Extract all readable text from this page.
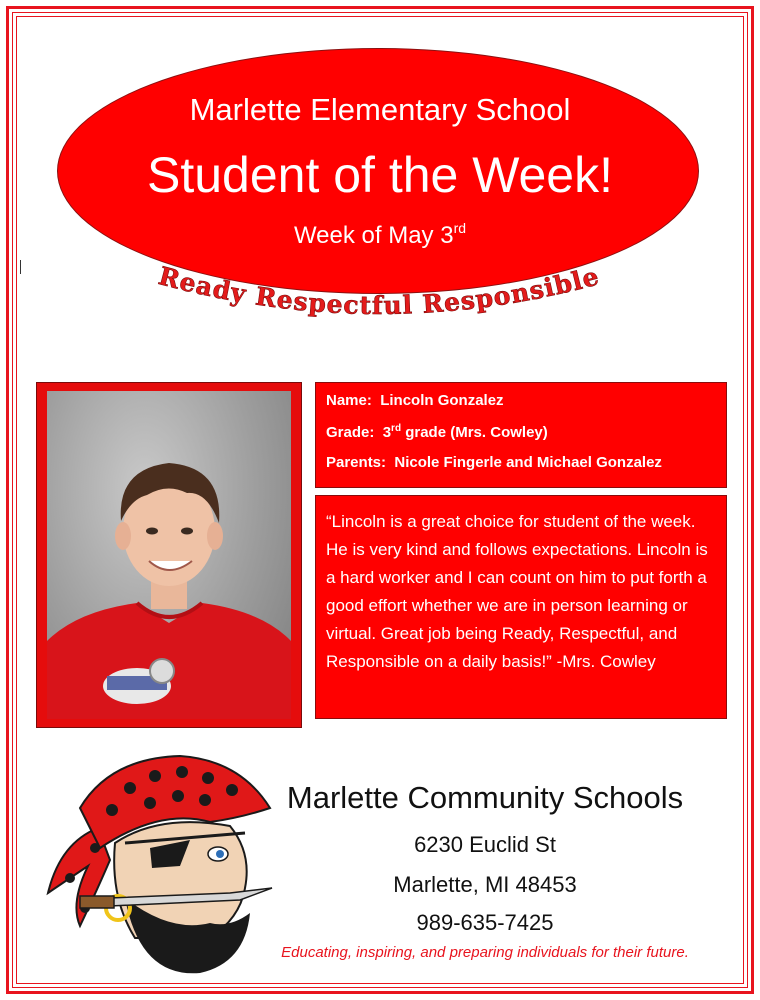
Marlette Elementary School
Student of the Week!
Week of May 3rd
Ready Respectful Responsible
Name: Lincoln Gonzalez
Grade: 3rd grade (Mrs. Cowley)
Parents: Nicole Fingerle and Michael Gonzalez
“Lincoln is a great choice for student of the week. He is very kind and follows expectations. Lincoln is a hard worker and I can count on him to put forth a good effort whether we are in person learning or virtual. Great job being Ready, Respectful, and Responsible on a daily basis!” -Mrs. Cowley
Marlette Community Schools
6230 Euclid St
Marlette, MI 48453
989-635-7425
Educating, inspiring, and preparing individuals for their future.
